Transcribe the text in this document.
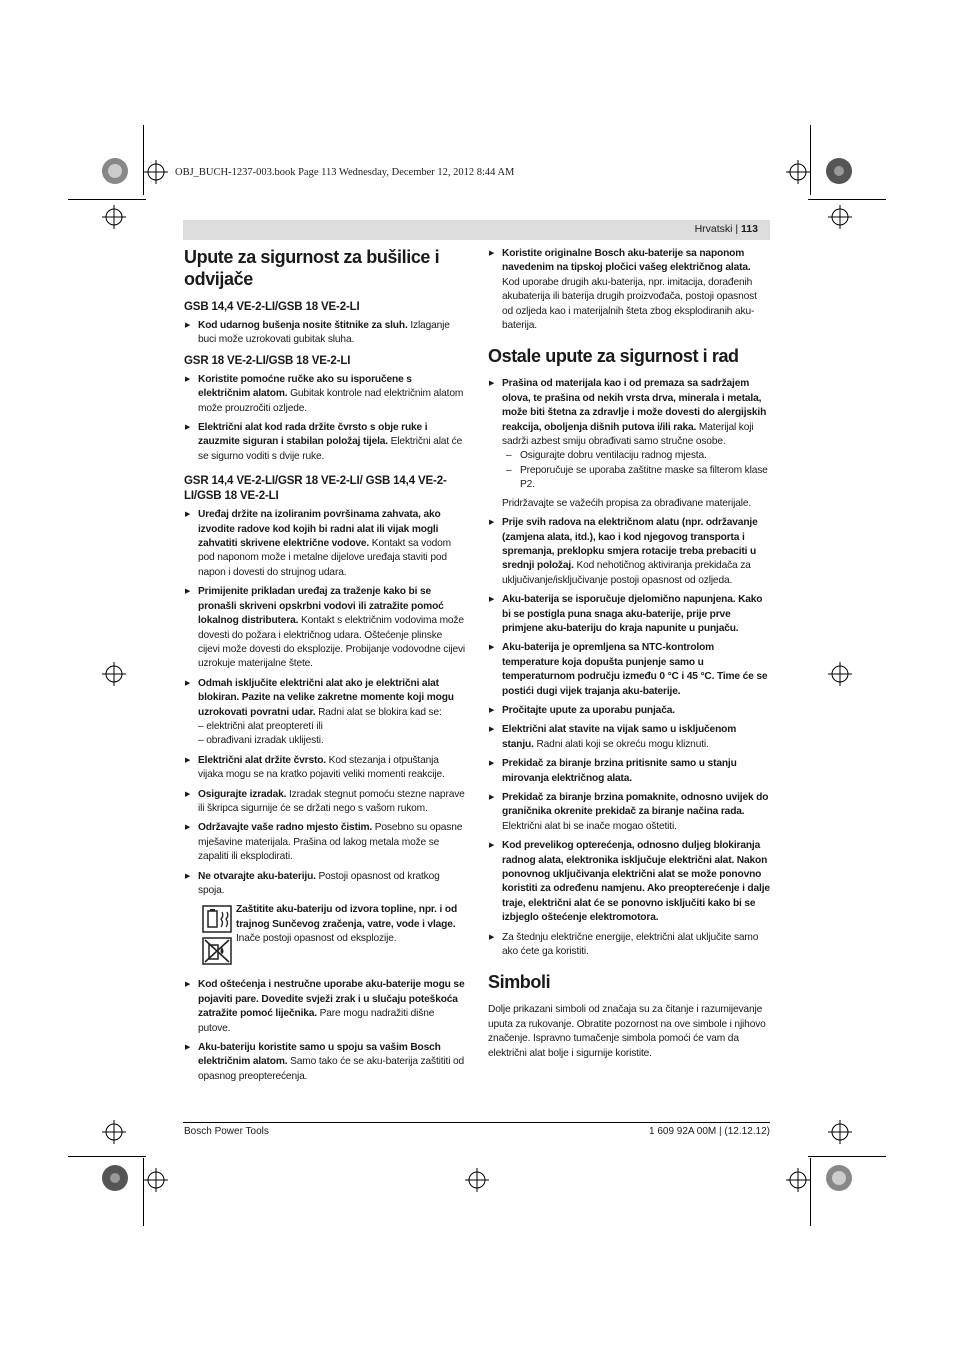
OBJ_BUCH-1237-003.book Page 113 Wednesday, December 12, 2012 8:44 AM
Hrvatski | 113
Upute za sigurnost za bušilice i odvijače
GSB 14,4 VE-2-LI/GSB 18 VE-2-LI
▶ Kod udarnog bušenja nosite štitnike za sluh. Izlaganje buci može uzrokovati gubitak sluha.
GSR 18 VE-2-LI/GSB 18 VE-2-LI
▶ Koristite pomoćne ručke ako su isporučene s električnim alatom. Gubitak kontrole nad električnim alatom može prouzročiti ozljede.
▶ Električni alat kod rada držite čvrsto s obje ruke i zauzmite siguran i stabilan položaj tijela. Električni alat će se sigurno voditi s dvije ruke.
GSR 14,4 VE-2-LI/GSR 18 VE-2-LI/ GSB 14,4 VE-2-LI/GSB 18 VE-2-LI
▶ Uređaj držite na izoliranim površinama zahvata, ako izvodite radove kod kojih bi radni alat ili vijak mogli zahvatiti skrivene električne vodove. Kontakt sa vodom pod naponom može i metalne dijelove uređaja staviti pod napon i dovesti do strujnog udara.
▶ Primijenite prikladan uređaj za traženje kako bi se pronašli skriveni opskrbni vodovi ili zatražite pomoć lokalnog distributera. Kontakt s električnim vodovima može dovesti do požara i električnog udara. Oštećenje plinske cijevi može dovesti do eksplozije. Probijanje vodovodne cijevi uzrokuje materijalne štete.
▶ Odmah isključite električni alat ako je električni alat blokiran. Pazite na velike zakretne momente koji mogu uzrokovati povratni udar. Radni alat se blokira kad se:
– električni alat preopteretí ili
– obrađivani izradak uklijesti.
▶ Električni alat držite čvrsto. Kod stezanja i otpuštanja vijaka mogu se na kratko pojaviti veliki momenti reakcije.
▶ Osigurajte izradak. Izradak stegnut pomoću stezne naprave ili škripca sigurnije će se držati nego s vašom rukom.
▶ Održavajte vaše radno mjesto čistim. Posebno su opasne mješavine materijala. Prašina od lakog metala može se zapaliti ili eksplodirati.
▶ Ne otvarajte aku-bateriju. Postoji opasnost od kratkog spoja.
Zaštitite aku-bateriju od izvora topline, npr. i od trajnog Sunčevog zračenja, vatre, vode i vlage. Inače postoji opasnost od eksplozije.
▶ Kod oštećenja i nestručne uporabe aku-baterije mogu se pojaviti pare. Dovedite svježi zrak i u slučaju poteškoća zatražite pomoć liječnika. Pare mogu nadražiti dišne putove.
▶ Aku-bateriju koristite samo u spoju sa vašim Bosch električnim alatom. Samo tako će se aku-baterija zaštititi od opasnog preopterećenja.
▶ Koristite originalne Bosch aku-baterije sa naponom navedenim na tipskoj pločici vašeg električnog alata. Kod uporabe drugih aku-baterija, npr. imitacija, dorađenih akubaterija ili baterija drugih proizvođača, postoji opasnost od ozljeda kao i materijalnih šteta zbog eksplodiranih aku-baterija.
Ostale upute za sigurnost i rad
▶ Prašina od materijala kao i od premaza sa sadržajem olova, te prašina od nekih vrsta drva, minerala i metala, može biti štetna za zdravlje i može dovesti do alergijskih reakcija, oboljenja dišnih putova i/ili raka. Materijal koji sadrži azbest smiju obrađivati samo stručne osobe.
– Osigurajte dobru ventilaciju radnog mjesta.
– Preporučuje se uporaba zaštitne maske sa filterom klase P2.
Pridržavajte se važećih propisa za obrađivane materijale.
▶ Prije svih radova na električnom alatu (npr. održavanje (zamjena alata, itd.), kao i kod njegovog transporta i spremanja, preklopku smjera rotacije treba prebaciti u srednji položaj. Kod nehotičnog aktiviranja prekidača za uključivanje/isključivanje postoji opasnost od ozljeda.
▶ Aku-baterija se isporučuje djelomično napunjena. Kako bi se postigla puna snaga aku-baterije, prije prve primjene aku-bateriju do kraja napunite u punjaču.
▶ Aku-baterija je opremljena sa NTC-kontrolom temperature koja dopušta punjenje samo u temperaturnom području između 0 °C i 45 °C. Time će se postići dugi vijek trajanja aku-baterije.
▶ Pročitajte upute za uporabu punjača.
▶ Električni alat stavite na vijak samo u isključenom stanju. Radni alati koji se okreću mogu kliznuti.
▶ Prekidač za biranje brzina pritisnite samo u stanju mirovanja električnog alata.
▶ Prekidač za biranje brzina pomaknite, odnosno uvijek do graničnika okrenite prekidač za biranje načina rada. Električni alat bi se inače mogao oštetiti.
▶ Kod prevelikog opterećenja, odnosno duljeg blokiranja radnog alata, elektronika isključuje električni alat. Nakon ponovnog uključivanja električni alat se može ponovno koristiti za određenu namjenu. Ako preopterećenje i dalje traje, električni alat će se ponovno isključiti kako bi se izbjeglo oštećenje elektromotora.
▶ Za štednju električne energije, električni alat uključite samo ako ćete ga koristiti.
Simboli
Dolje prikazani simboli od značaja su za čitanje i razumijevanje uputa za rukovanje. Obratite pozornost na ove simbole i njihovo značenje. Ispravno tumačenje simbola pomoći će vam da električni alat bolje i sigurnije koristite.
Bosch Power Tools	1 609 92A 00M | (12.12.12)
